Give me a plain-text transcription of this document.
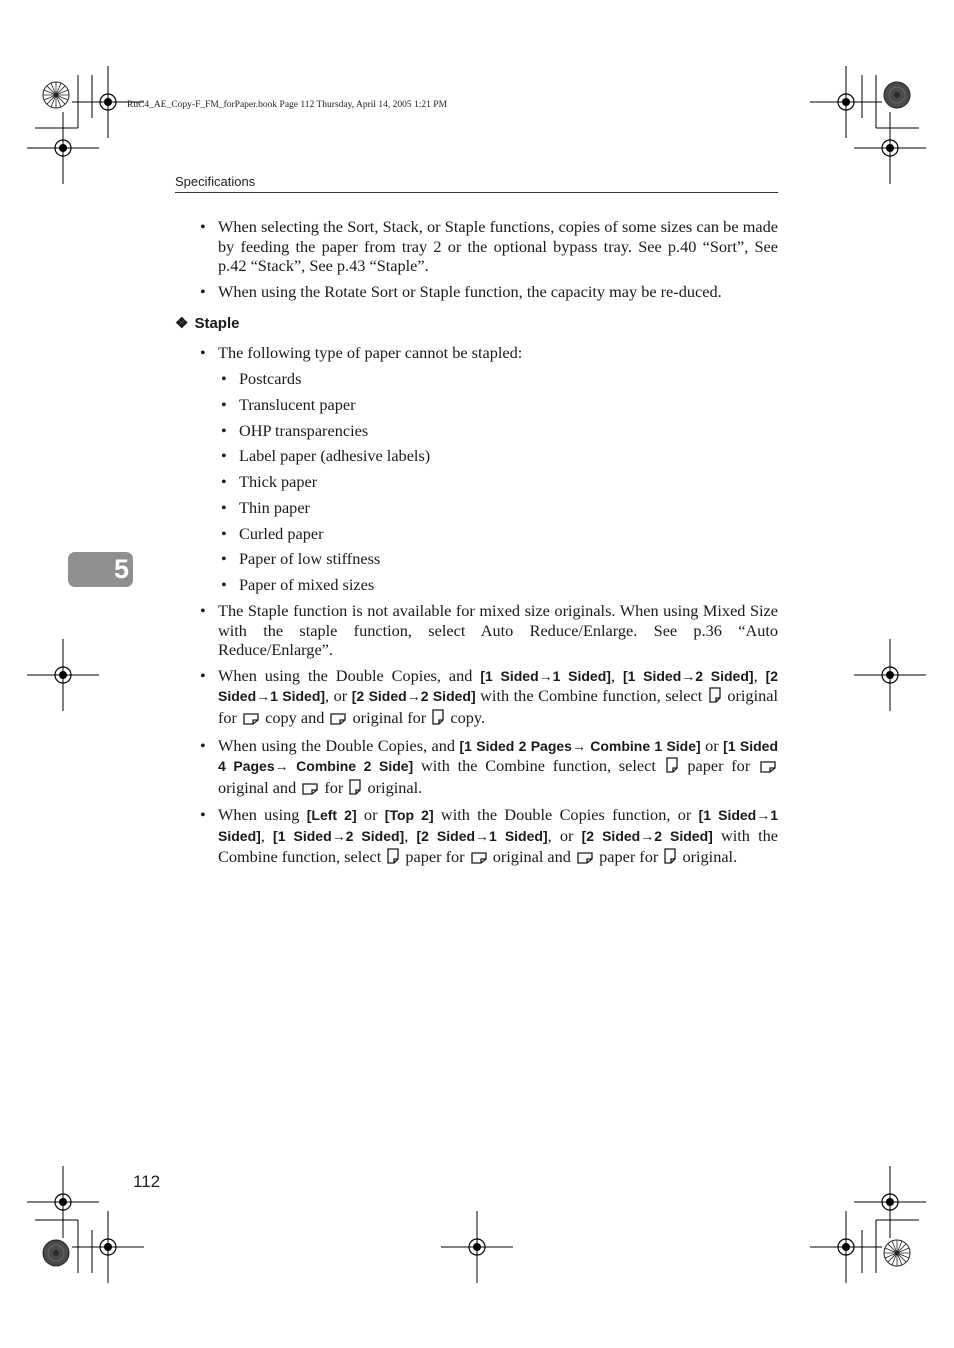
RuC4_AE_Copy-F_FM_forPaper.book Page 112 Thursday, April 14, 2005 1:21 PM
Specifications
• When selecting the Sort, Stack, or Staple functions, copies of some sizes can be made by feeding the paper from tray 2 or the optional bypass tray. See p.40 “Sort”, See p.42 “Stack”, See p.43 “Staple”.
• When using the Rotate Sort or Staple function, the capacity may be re-duced.
❖ Staple
• The following type of paper cannot be stapled:
• Postcards
• Translucent paper
• OHP transparencies
• Label paper (adhesive labels)
• Thick paper
• Thin paper
• Curled paper
• Paper of low stiffness
• Paper of mixed sizes
• The Staple function is not available for mixed size originals. When using Mixed Size with the staple function, select Auto Reduce/Enlarge. See p.36 “Auto Reduce/Enlarge”.
• When using the Double Copies, and [1 Sided→1 Sided], [1 Sided→2 Sided], [2 Sided→1 Sided], or [2 Sided→2 Sided] with the Combine function, select  original for  copy and  original for  copy.
• When using the Double Copies, and [1 Sided 2 Pages→ Combine 1 Side] or [1 Sided 4 Pages→ Combine 2 Side] with the Combine function, select  paper for  original and  for  original.
• When using [Left 2] or [Top 2] with the Double Copies function, or [1 Sided→1 Sided], [1 Sided→2 Sided], [2 Sided→1 Sided], or [2 Sided→2 Sided] with the Combine function, select  paper for  original and  paper for  original.
5
112
